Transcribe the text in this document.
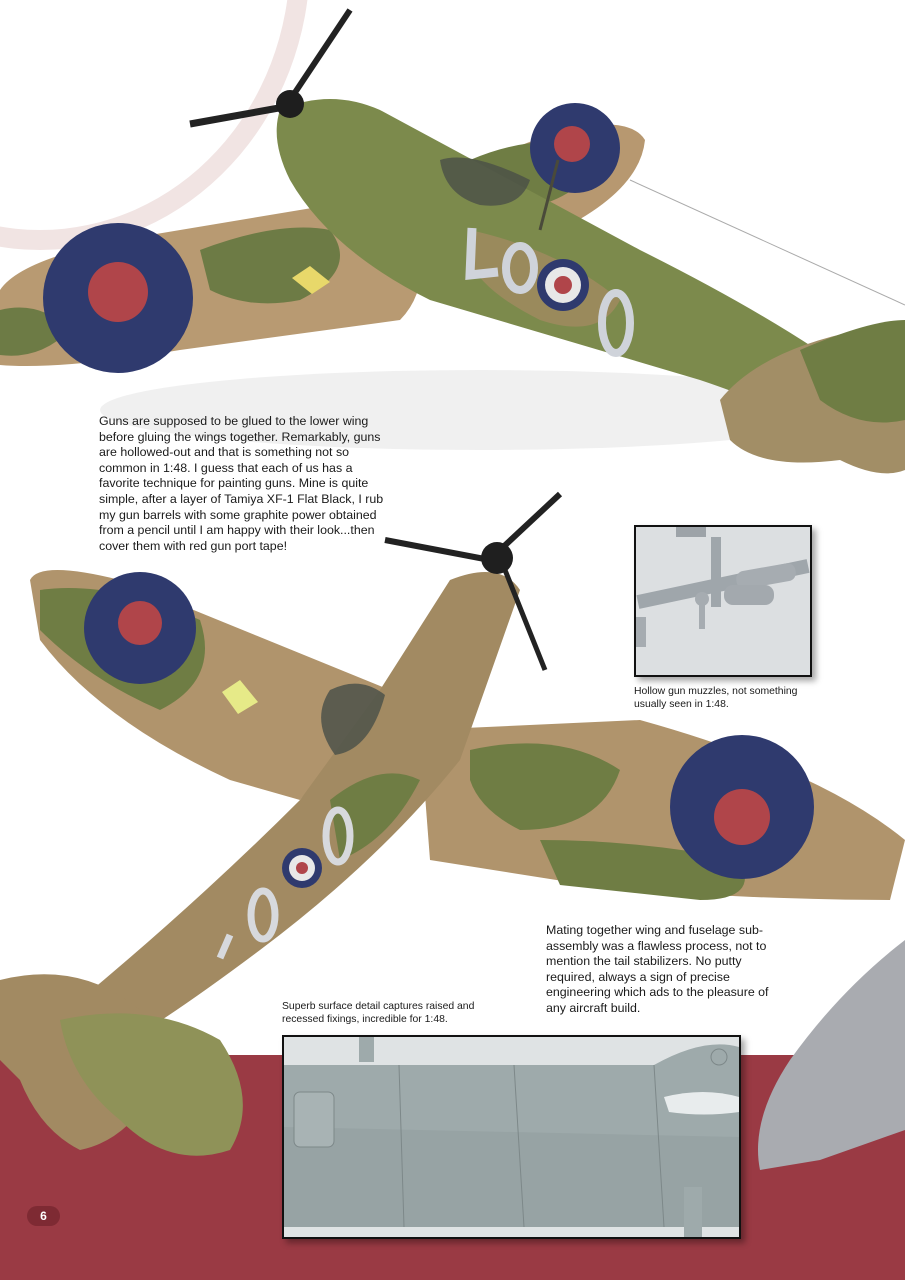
Guns are supposed to be glued to the lower wing before gluing the wings together. Remarkably, guns are hollowed-out and that is something not so common in 1:48. I guess that each of us has a favorite technique for painting guns. Mine is quite simple, after a layer of Tamiya XF-1 Flat Black, I rub my gun barrels with some graphite power obtained from a pencil until I am happy with their look...then cover them with red gun port tape!

Hollow gun muzzles, not something usually seen in 1:48.

Mating together wing and fuselage sub-assembly was a flawless process, not to mention the tail stabilizers. No putty required, always a sign of precise engineering which ads to the pleasure of any aircraft build.

Superb surface detail captures raised and recessed fixings, incredible for 1:48.

6
